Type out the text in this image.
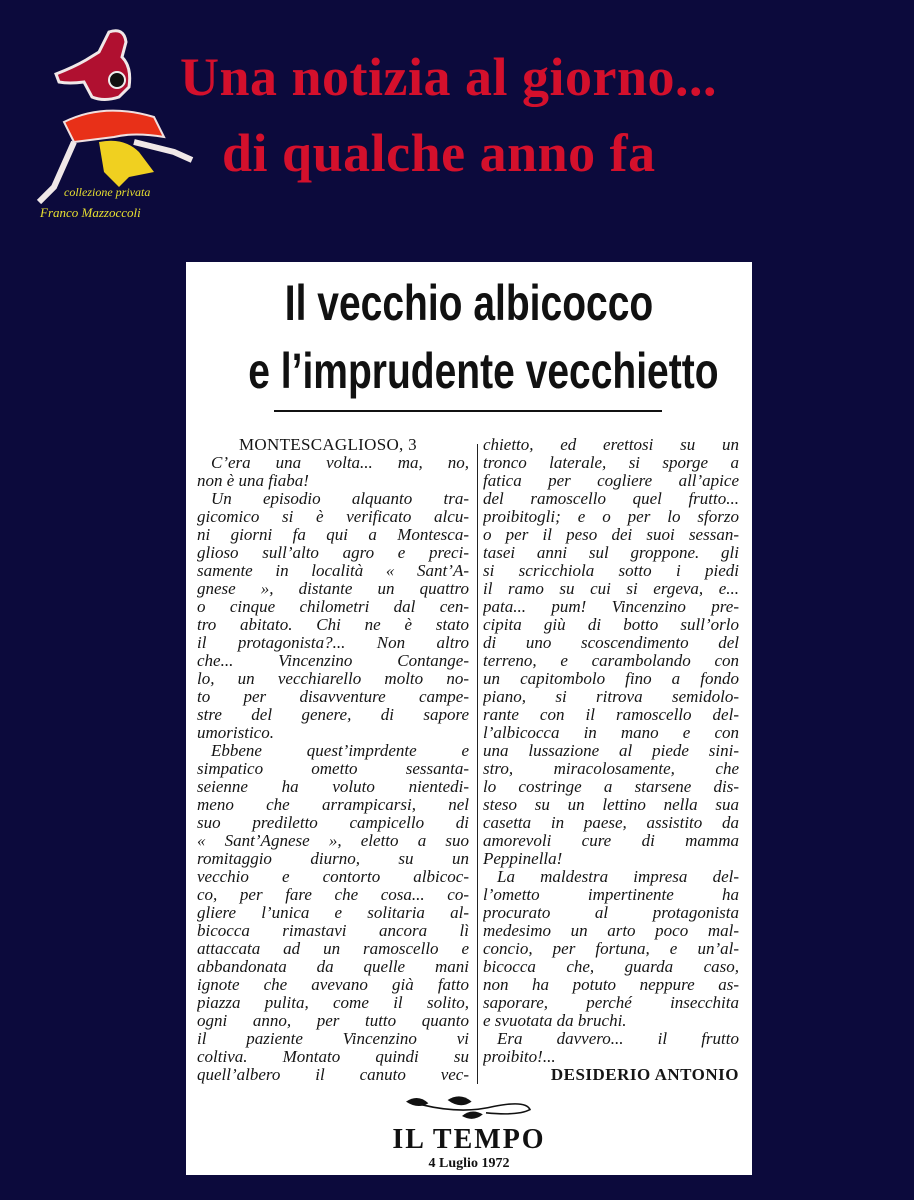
Una notizia al giorno...
di qualche anno fa
collezione privata
Franco Mazzoccoli
Il vecchio albicocco
e l’imprudente vecchietto
MONTESCAGLIOSO, 3
C’era una volta... ma, no,
non è una fiaba!
Un episodio alquanto tra-
gicomico si è verificato alcu-
ni giorni fa qui a Montesca-
glioso sull’alto agro e preci-
samente in località « Sant’A-
gnese », distante un quattro
o cinque chilometri dal cen-
tro abitato. Chi ne è stato
il protagonista?... Non altro
che... Vincenzino Contange-
lo, un vecchiarello molto no-
to per disavventure campe-
stre del genere, di sapore
umoristico.
Ebbene quest’imprdente e
simpatico ometto sessanta-
seienne ha voluto nientedi-
meno che arrampicarsi, nel
suo prediletto campicello di
« Sant’Agnese », eletto a suo
romitaggio diurno, su un
vecchio e contorto albicoc-
co, per fare che cosa... co-
gliere l’unica e solitaria al-
bicocca rimastavi ancora lì
attaccata ad un ramoscello e
abbandonata da quelle mani
ignote che avevano già fatto
piazza pulita, come il solito,
ogni anno, per tutto quanto
il paziente Vincenzino vi
coltiva. Montato quindi su
quell’albero il canuto vec-
chietto, ed erettosi su un
tronco laterale, si sporge a
fatica per cogliere all’apice
del ramoscello quel frutto...
proibitogli; e o per lo sforzo
o per il peso dei suoi sessan-
tasei anni sul groppone. gli
si scricchiola sotto i piedi
il ramo su cui si ergeva, e...
pata... pum! Vincenzino pre-
cipita giù di botto sull’orlo
di uno scoscendimento del
terreno, e carambolando con
un capitombolo fino a fondo
piano, si ritrova semidolo-
rante con il ramoscello del-
l’albicocca in mano e con
una lussazione al piede sini-
stro, miracolosamente, che
lo costringe a starsene dis-
steso su un lettino nella sua
casetta in paese, assistito da
amorevoli cure di mamma
Peppinella!
La maldestra impresa del-
l’ometto impertinente ha
procurato al protagonista
medesimo un arto poco mal-
concio, per fortuna, e un’al-
bicocca che, guarda caso,
non ha potuto neppure as-
saporare, perché insecchita
e svuotata da bruchi.
Era davvero... il frutto
proibito!...
DESIDERIO ANTONIO
IL TEMPO
4 Luglio 1972
